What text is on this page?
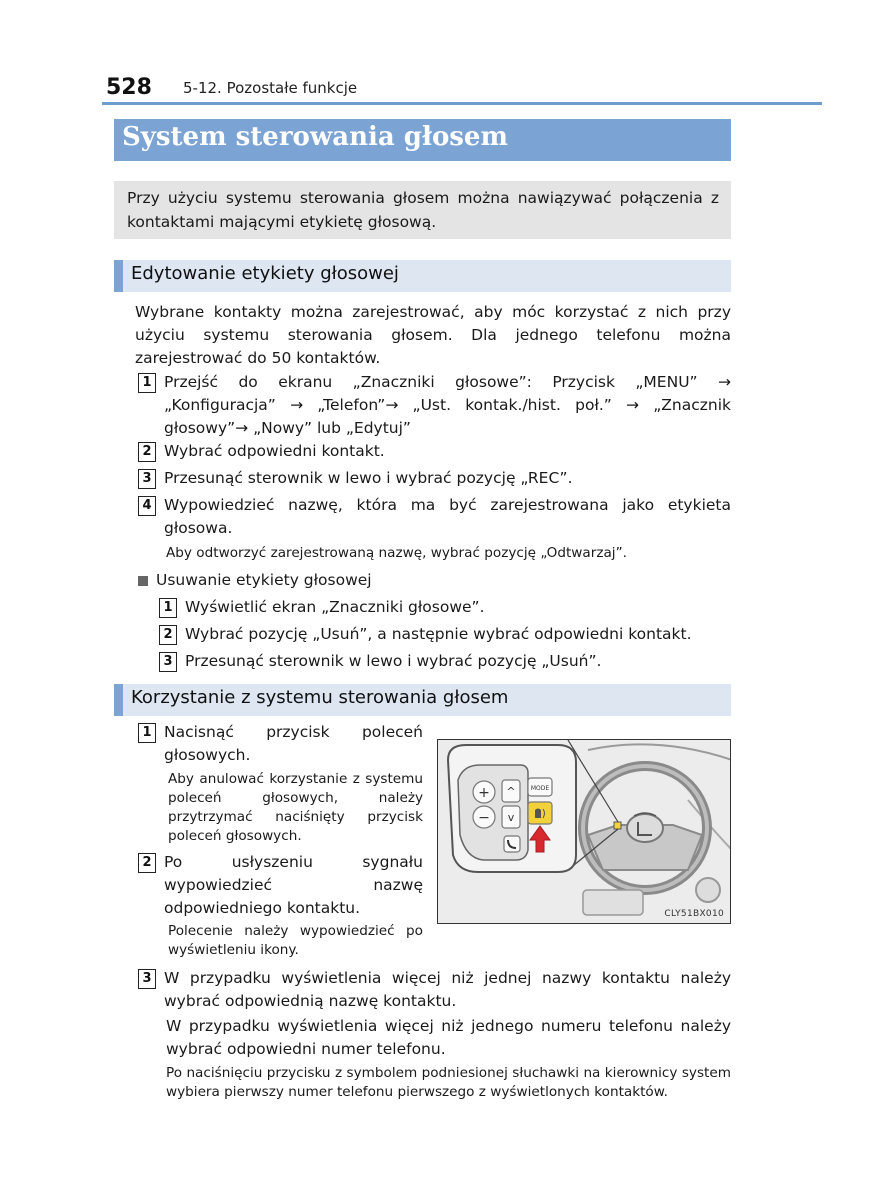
528 5-12. Pozostałe funkcje
System sterowania głosem
Przy użyciu systemu sterowania głosem można nawiązywać połączenia z kontaktami mającymi etykietę głosową.
Edytowanie etykiety głosowej
Wybrane kontakty można zarejestrować, aby móc korzystać z nich przy użyciu systemu sterowania głosem. Dla jednego telefonu można zarejestrować do 50 kontaktów.
1 Przejść do ekranu „Znaczniki głosowe”: Przycisk „MENU” → „Konfiguracja” → „Telefon”→ „Ust. kontak./hist. poł.” → „Znacznik głosowy”→ „Nowy” lub „Edytuj”
2 Wybrać odpowiedni kontakt.
3 Przesunąć sterownik w lewo i wybrać pozycję „REC”.
4 Wypowiedzieć nazwę, która ma być zarejestrowana jako etykieta głosowa.
Aby odtworzyć zarejestrowaną nazwę, wybrać pozycję „Odtwarzaj”.
Usuwanie etykiety głosowej
1 Wyświetlić ekran „Znaczniki głosowe”.
2 Wybrać pozycję „Usuń”, a następnie wybrać odpowiedni kontakt.
3 Przesunąć sterownik w lewo i wybrać pozycję „Usuń”.
Korzystanie z systemu sterowania głosem
1 Nacisnąć przycisk poleceń głosowych.
Aby anulować korzystanie z systemu poleceń głosowych, należy przytrzymać naciśnięty przycisk poleceń głosowych.
2 Po usłyszeniu sygnału wypowiedzieć nazwę odpowiedniego kontaktu.
Polecenie należy wypowiedzieć po wyświetleniu ikony.
+
−
^
v
MODE
CLY51BX010
3 W przypadku wyświetlenia więcej niż jednej nazwy kontaktu należy wybrać odpowiednią nazwę kontaktu.
W przypadku wyświetlenia więcej niż jednego numeru telefonu należy wybrać odpowiedni numer telefonu.
Po naciśnięciu przycisku z symbolem podniesionej słuchawki na kierownicy system wybiera pierwszy numer telefonu pierwszego z wyświetlonych kontaktów.
